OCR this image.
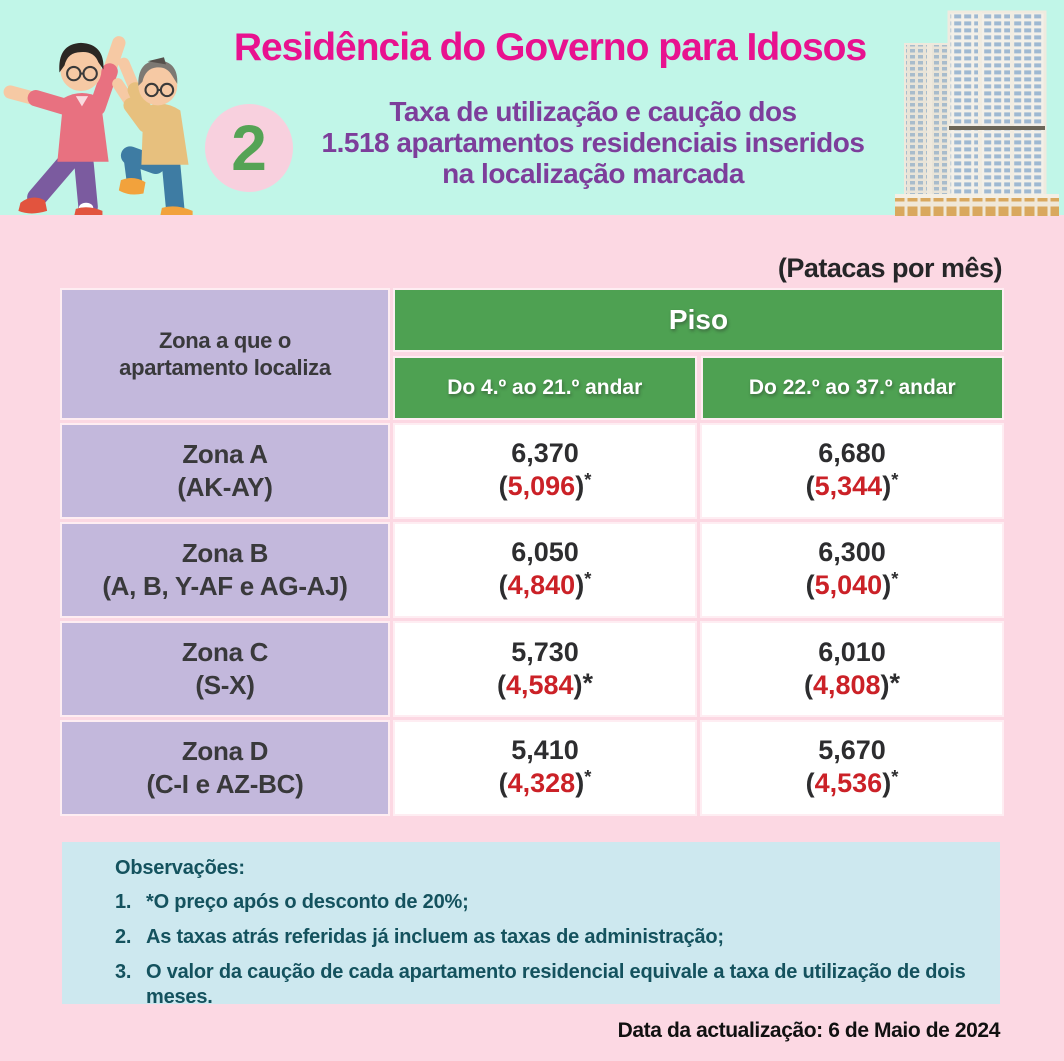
Residência do Governo para Idosos
2
Taxa de utilização e caução dos
1.518 apartamentos residenciais inseridos
na localização marcada
(Patacas por mês)
Zona a que o
apartamento localiza
Piso
Do 4.º ao 21.º andar	Do 22.º ao 37.º andar
Zona A
(AK-AY)
6,370
(5,096)*
6,680
(5,344)*
Zona B
(A, B, Y-AF e AG-AJ)
6,050
(4,840)*
6,300
(5,040)*
Zona C
(S-X)
5,730
(4,584)*
6,010
(4,808)*
Zona D
(C-I e AZ-BC)
5,410
(4,328)*
5,670
(4,536)*
Observações:
1. *O preço após o desconto de 20%;
2. As taxas atrás referidas já incluem as taxas de administração;
3. O valor da caução de cada apartamento residencial equivale a taxa de utilização de dois meses.
Data da actualização: 6 de Maio de 2024
